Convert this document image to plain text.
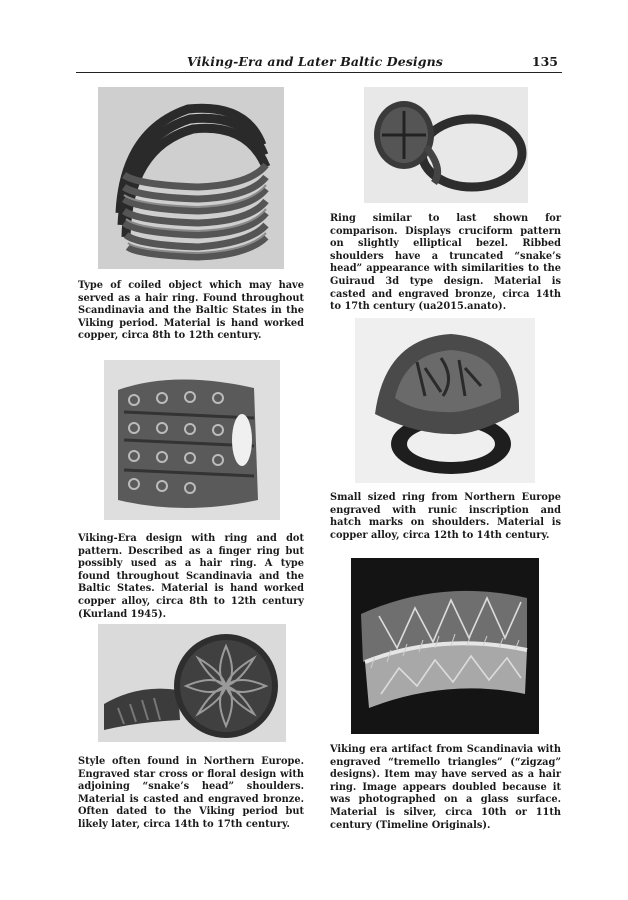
Viking-Era and Later Baltic Designs	135

Type of coiled object which may have served as a hair ring. Found throughout Scandinavia and the Baltic States in the Viking period. Material is hand worked copper, circa 8th to 12th century.

Ring similar to last shown for comparison. Displays cruciform pattern on slightly elliptical bezel. Ribbed shoulders have a truncated “snake’s head” appearance with similarities to the Guiraud 3d type design. Material is casted and engraved bronze, circa 14th to 17th century (ua2015.anato).

Viking-Era design with ring and dot pattern. Described as a finger ring but possibly used as a hair ring. A type found throughout Scandinavia and the Baltic States. Material is hand worked copper alloy, circa 8th to 12th century (Kurland 1945).

Small sized ring from Northern Europe engraved with runic inscription and hatch marks on shoulders. Material is copper alloy, circa 12th to 14th century.

Style often found in Northern Europe. Engraved star cross or floral design with adjoining “snake’s head” shoulders. Material is casted and engraved bronze. Often dated to the Viking period but likely later, circa 14th to 17th century.

Viking era artifact from Scandinavia with engraved “tremello triangles” (“zigzag” designs). Item may have served as a hair ring. Image appears doubled because it was photographed on a glass surface. Material is silver, circa 10th or 11th century (Timeline Originals).
